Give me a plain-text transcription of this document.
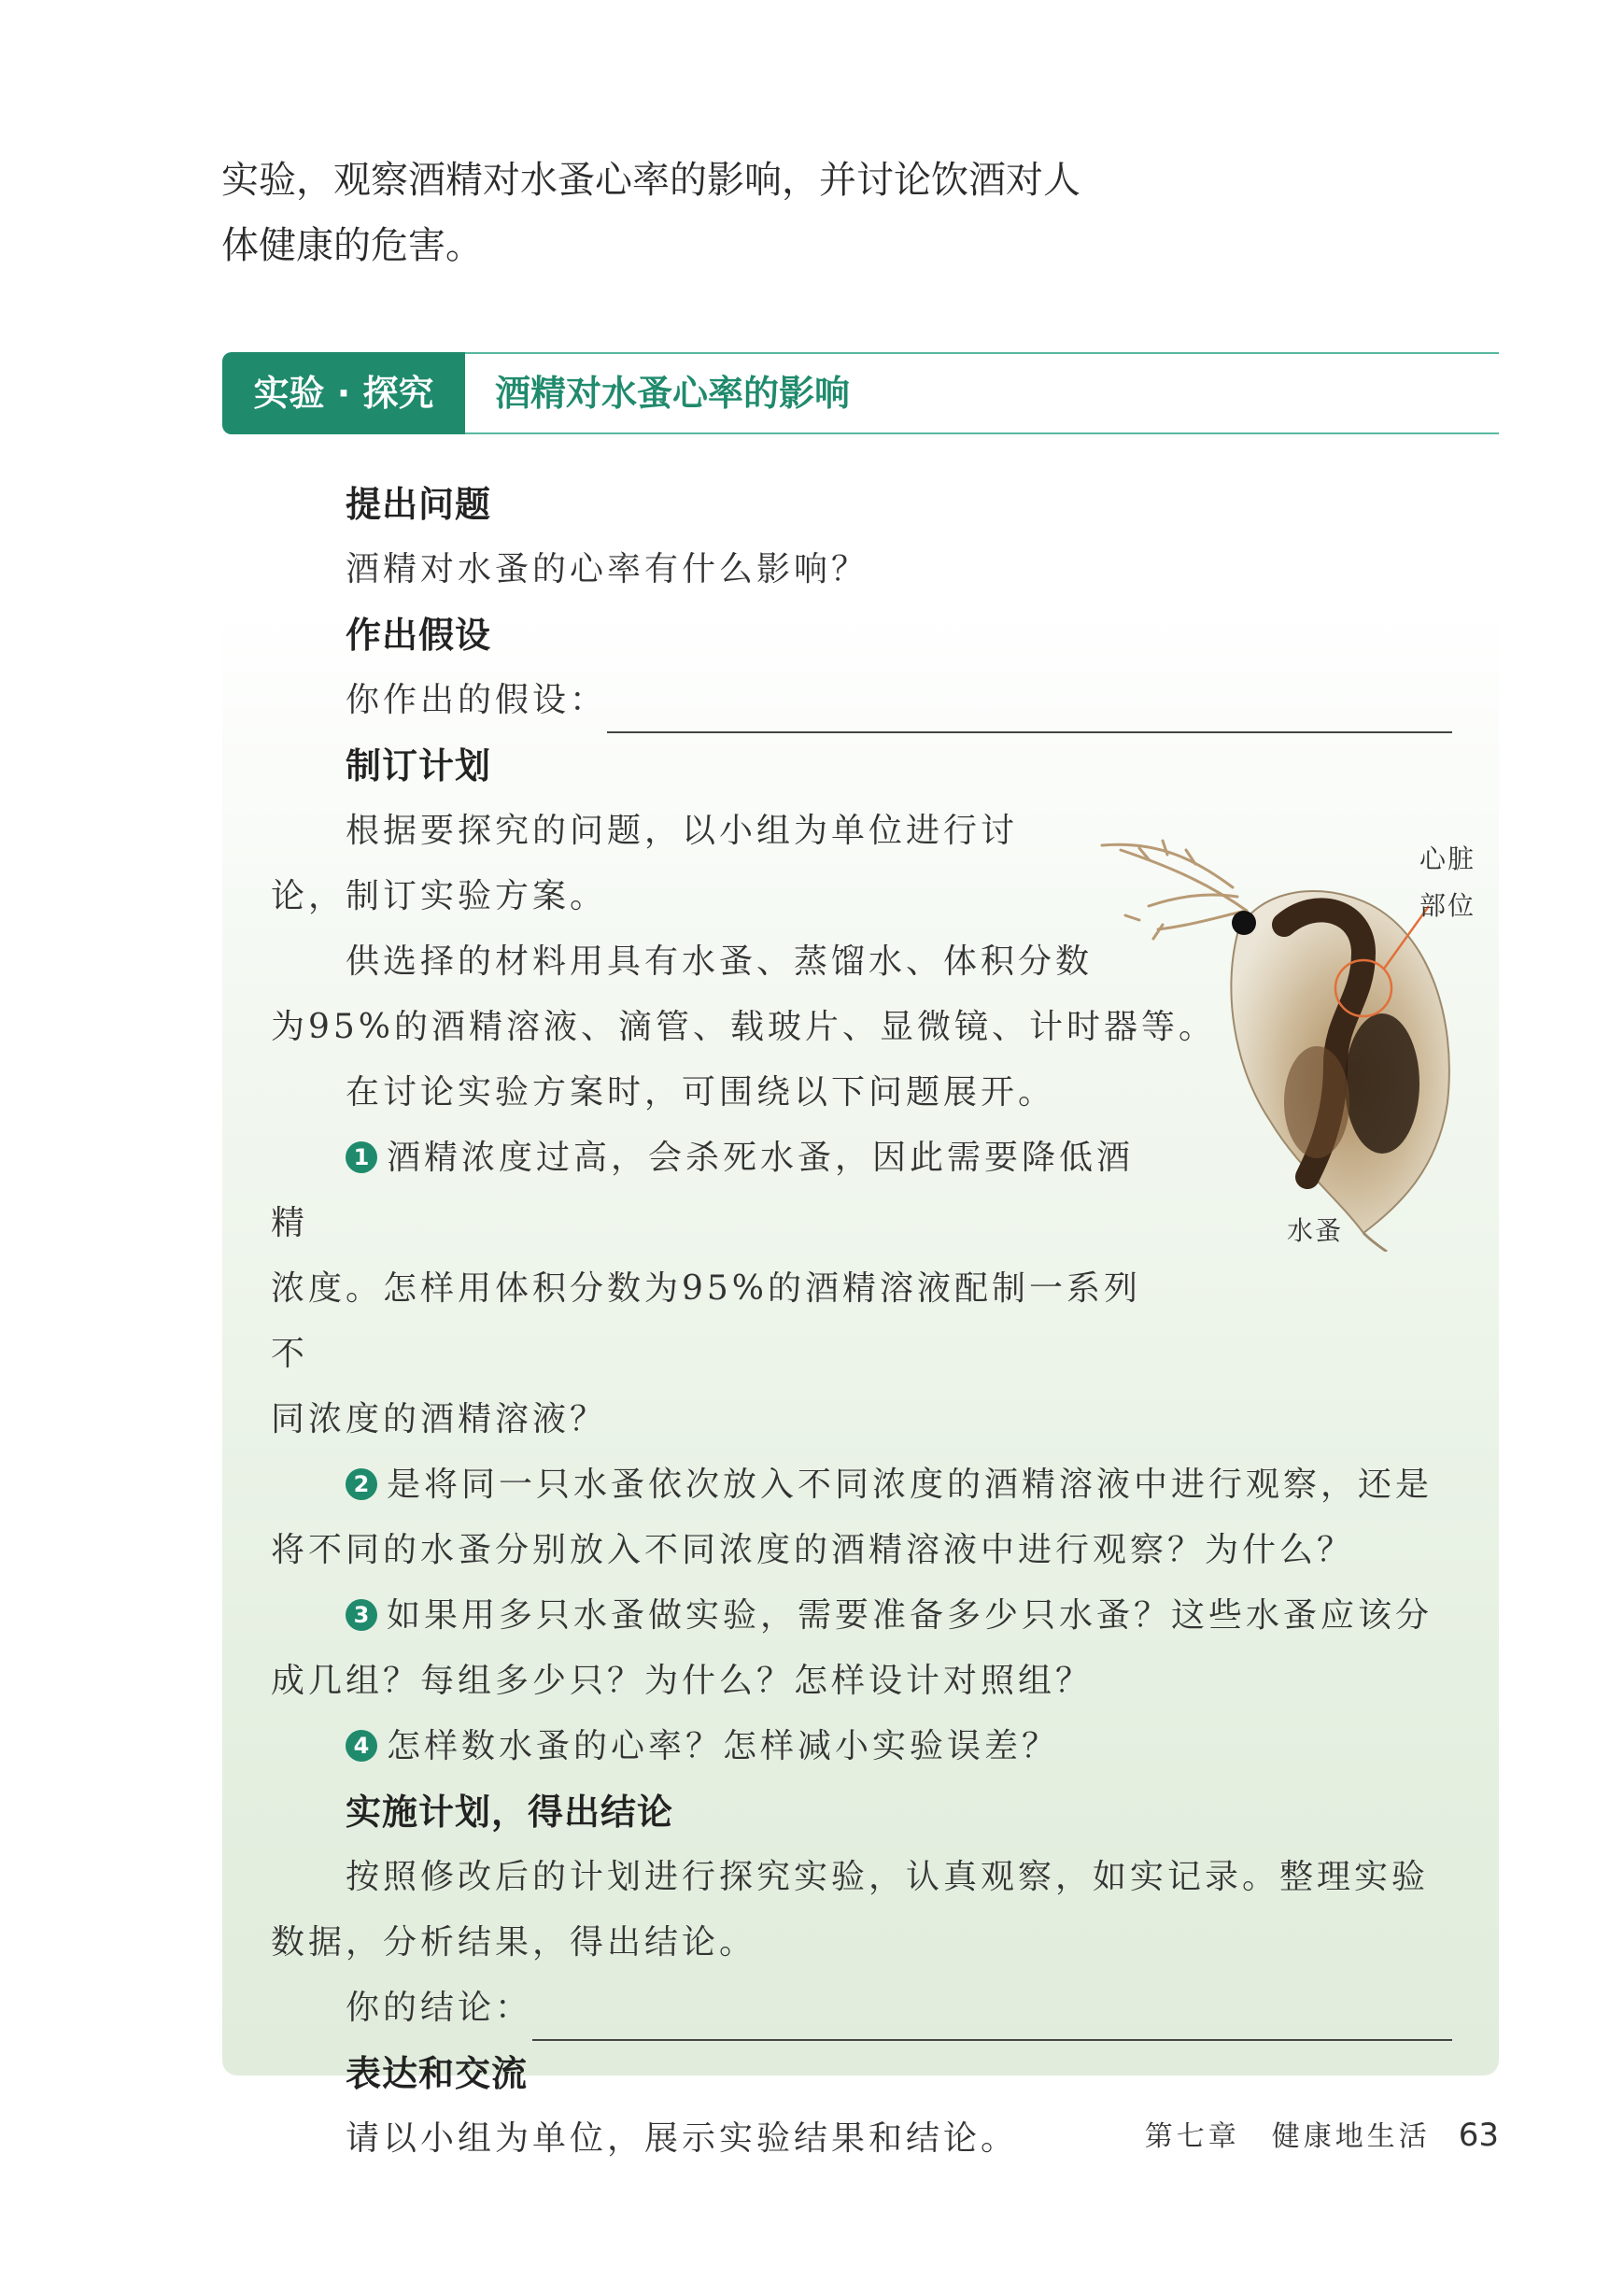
实验，观察酒精对水蚤心率的影响，并讨论饮酒对人

体健康的危害。

实验 · 探究	酒精对水蚤心率的影响

提出问题

酒精对水蚤的心率有什么影响？

作出假设

你作出的假设：

制订计划

根据要探究的问题，以小组为单位进行讨

论，制订实验方案。

供选择的材料用具有水蚤、蒸馏水、体积分数

为95%的酒精溶液、滴管、载玻片、显微镜、计时器等。

在讨论实验方案时，可围绕以下问题展开。

1 酒精浓度过高，会杀死水蚤，因此需要降低酒精

浓度。怎样用体积分数为95%的酒精溶液配制一系列不

同浓度的酒精溶液？

2 是将同一只水蚤依次放入不同浓度的酒精溶液中进行观察，还是

将不同的水蚤分别放入不同浓度的酒精溶液中进行观察？为什么？

3 如果用多只水蚤做实验，需要准备多少只水蚤？这些水蚤应该分

成几组？每组多少只？为什么？怎样设计对照组？

4 怎样数水蚤的心率？怎样减小实验误差？

实施计划，得出结论

按照修改后的计划进行探究实验，认真观察，如实记录。整理实验

数据，分析结果，得出结论。

你的结论：

表达和交流

请以小组为单位，展示实验结果和结论。

心脏
部位
水蚤
第七章　健康地生活 63
